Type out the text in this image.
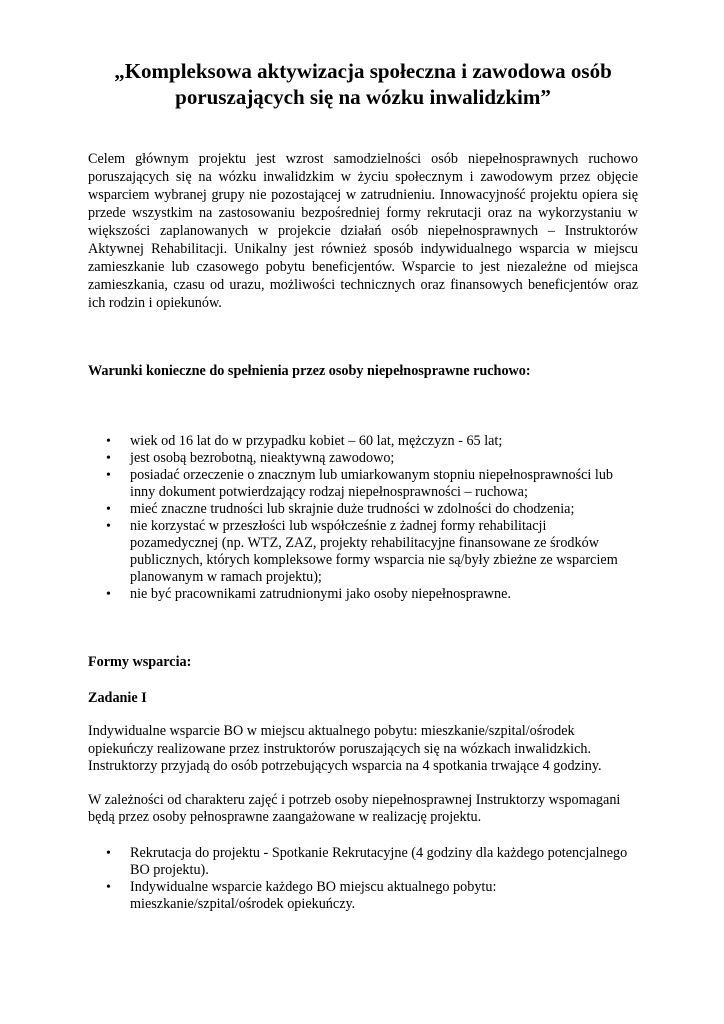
„Kompleksowa aktywizacja społeczna i zawodowa osób
poruszających się na wózku inwalidzkim”

Celem głównym projektu jest wzrost samodzielności osób niepełnosprawnych ruchowo poruszających się na wózku inwalidzkim w życiu społecznym i zawodowym przez objęcie wsparciem wybranej grupy nie pozostającej w zatrudnieniu. Innowacyjność projektu opiera się przede wszystkim na zastosowaniu bezpośredniej formy rekrutacji oraz na wykorzystaniu w większości zaplanowanych w projekcie działań osób niepełnosprawnych – Instruktorów Aktywnej Rehabilitacji. Unikalny jest również sposób indywidualnego wsparcia w miejscu zamieszkanie lub czasowego pobytu beneficjentów. Wsparcie to jest niezależne od miejsca zamieszkania, czasu od urazu, możliwości technicznych oraz finansowych beneficjentów oraz ich rodzin i opiekunów.

Warunki konieczne do spełnienia przez osoby niepełnosprawne ruchowo:

• wiek od 16 lat do w przypadku kobiet – 60 lat, mężczyzn - 65 lat;
• jest osobą bezrobotną, nieaktywną zawodowo;
• posiadać orzeczenie o znacznym lub umiarkowanym stopniu niepełnosprawności lub inny dokument potwierdzający rodzaj niepełnosprawności – ruchowa;
• mieć znaczne trudności lub skrajnie duże trudności w zdolności do chodzenia;
• nie korzystać w przeszłości lub współcześnie z żadnej formy rehabilitacji pozamedycznej (np. WTZ, ZAZ, projekty rehabilitacyjne finansowane ze środków publicznych, których kompleksowe formy wsparcia nie są/były zbieżne ze wsparciem planowanym w ramach projektu);
• nie być pracownikami zatrudnionymi jako osoby niepełnosprawne.

Formy wsparcia:

Zadanie I

Indywidualne wsparcie BO w miejscu aktualnego pobytu: mieszkanie/szpital/ośrodek opiekuńczy realizowane przez instruktorów poruszających się na wózkach inwalidzkich. Instruktorzy przyjadą do osób potrzebujących wsparcia na 4 spotkania trwające 4 godziny.

W zależności od charakteru zajęć i potrzeb osoby niepełnosprawnej Instruktorzy wspomagani będą przez osoby pełnosprawne zaangażowane w realizację projektu.

• Rekrutacja do projektu - Spotkanie Rekrutacyjne (4 godziny dla każdego potencjalnego BO projektu).
• Indywidualne wsparcie każdego BO miejscu aktualnego pobytu: mieszkanie/szpital/ośrodek opiekuńczy.
